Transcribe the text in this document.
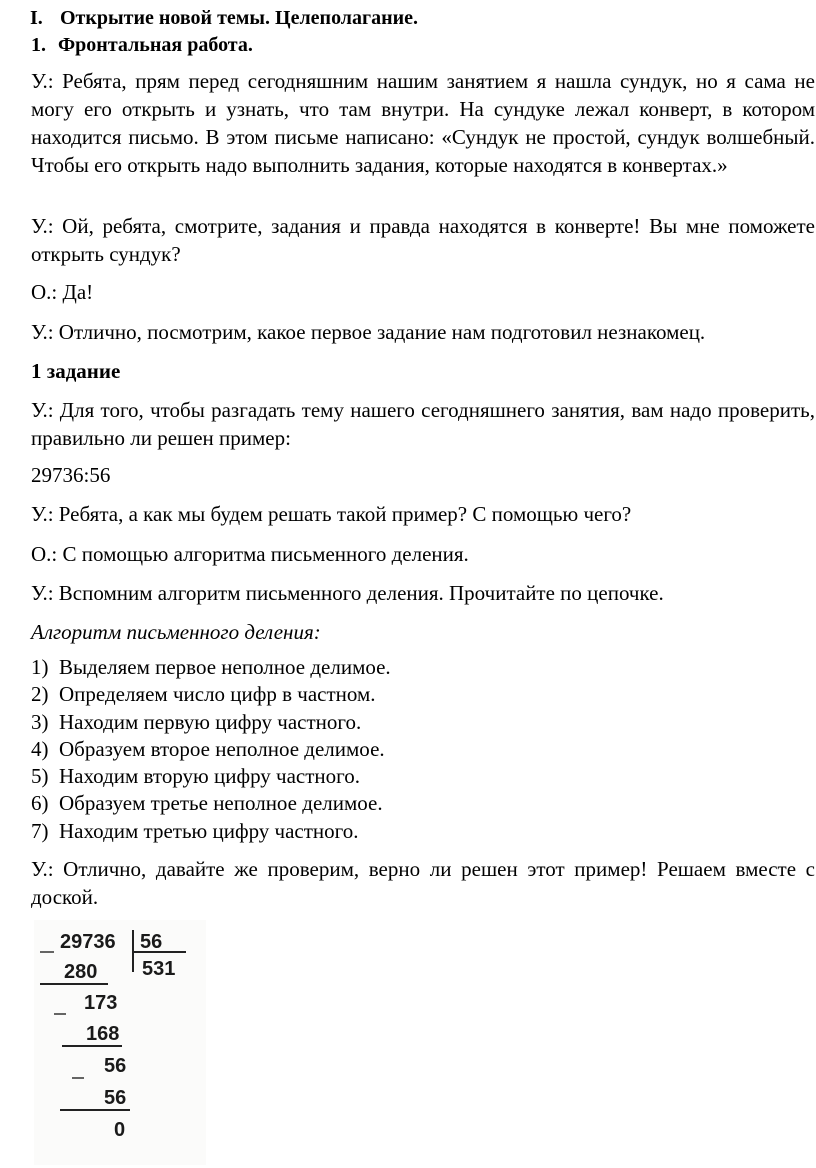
I. Открытие новой темы. Целеполагание.
1. Фронтальная работа.

У.: Ребята, прям перед сегодняшним нашим занятием я нашла сундук, но я сама не могу его открыть и узнать, что там внутри. На сундуке лежал конверт, в котором находится письмо. В этом письме написано: «Сундук не простой, сундук волшебный. Чтобы его открыть надо выполнить задания, которые находятся в конвертах.»

У.: Ой, ребята, смотрите, задания и правда находятся в конверте! Вы мне поможете открыть сундук?

О.: Да!

У.: Отлично, посмотрим, какое первое задание нам подготовил незнакомец.

1 задание

У.: Для того, чтобы разгадать тему нашего сегодняшнего занятия, вам надо проверить, правильно ли решен пример:

29736:56

У.: Ребята, а как мы будем решать такой пример? С помощью чего?

О.: С помощью алгоритма письменного деления.

У.: Вспомним алгоритм письменного деления. Прочитайте по цепочке.

Алгоритм письменного деления:

1) Выделяем первое неполное делимое.
2) Определяем число цифр в частном.
3) Находим первую цифру частного.
4) Образуем второе неполное делимое.
5) Находим вторую цифру частного.
6) Образуем третье неполное делимое.
7) Находим третью цифру частного.

У.: Отлично, давайте же проверим, верно ли решен этот пример! Решаем вместе с доской.

29736 56
531
280
173
168
56
56
0
